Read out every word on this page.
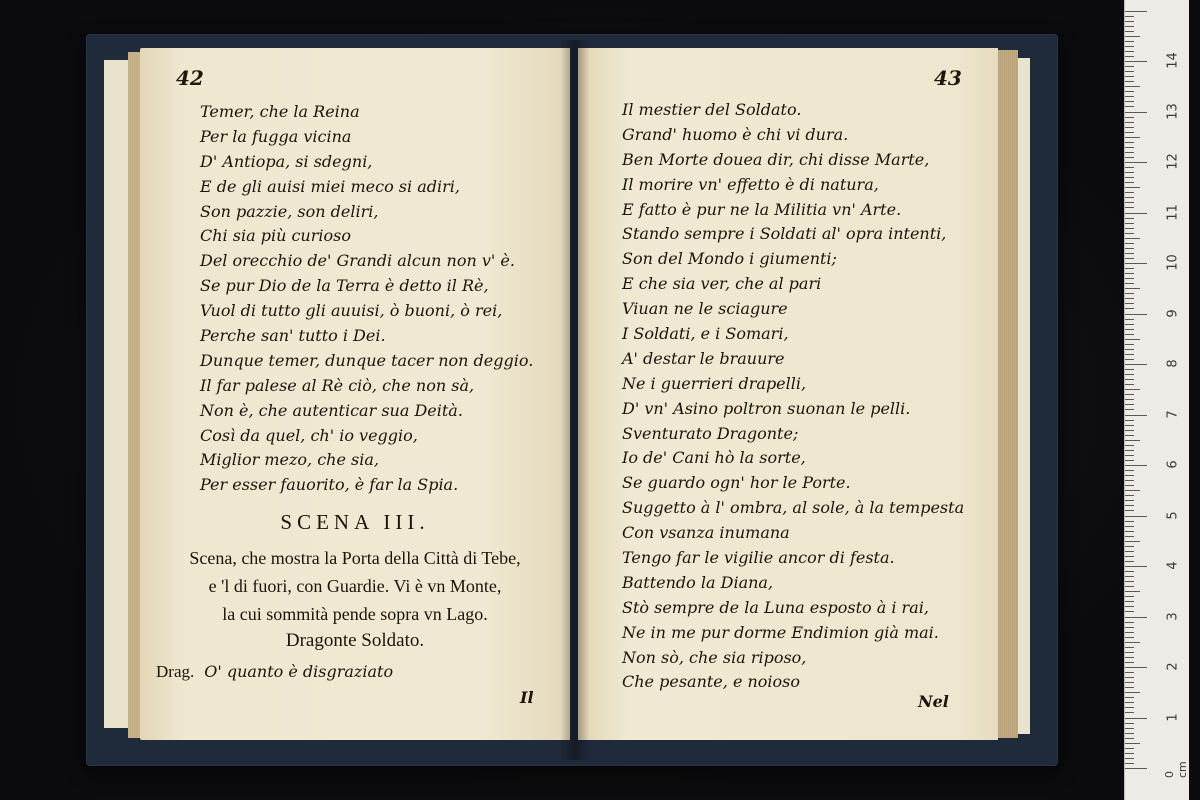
42
Temer, che la Reina
Per la fugga vicina
D' Antiopa, si sdegni,
E de gli auisi miei meco si adiri,
Son pazzie, son deliri,
Chi sia più curioso
Del orecchio de' Grandi alcun non v' è.
Se pur Dio de la Terra è detto il Rè,
Vuol di tutto gli auuisi, ò buoni, ò rei,
Perche san' tutto i Dei.
Dunque temer, dunque tacer non deggio.
Il far palese al Rè ciò, che non sà,
Non è, che autenticar sua Deità.
Così da quel, ch' io veggio,
Miglior mezo, che sia,
Per esser fauorito, è far la Spia.
SCENA III.
Scena, che mostra la Porta della Città di Tebe,
e 'l di fuori, con Guardie. Vi è vn Monte,
la cui sommità pende sopra vn Lago.
Dragonte Soldato.
Drag. O' quanto è disgraziato
Il
43
Il mestier del Soldato.
Grand' huomo è chi vi dura.
Ben Morte douea dir, chi disse Marte,
Il morire vn' effetto è di natura,
E fatto è pur ne la Militia vn' Arte.
Stando sempre i Soldati al' opra intenti,
Son del Mondo i giumenti;
E che sia ver, che al pari
Viuan ne le sciagure
I Soldati, e i Somari,
A' destar le brauure
Ne i guerrieri drapelli,
D' vn' Asino poltron suonan le pelli.
Sventurato Dragonte;
Io de' Cani hò la sorte,
Se guardo ogn' hor le Porte.
Suggetto à l' ombra, al sole, à la tempesta
Con vsanza inumana
Tengo far le vigilie ancor di festa.
Battendo la Diana,
Stò sempre de la Luna esposto à i rai,
Ne in me pur dorme Endimion già mai.
Non sò, che sia riposo,
Che pesante, e noioso
Nel
0 cm
14
13
12
11
10
9
8
7
6
5
4
3
2
1
